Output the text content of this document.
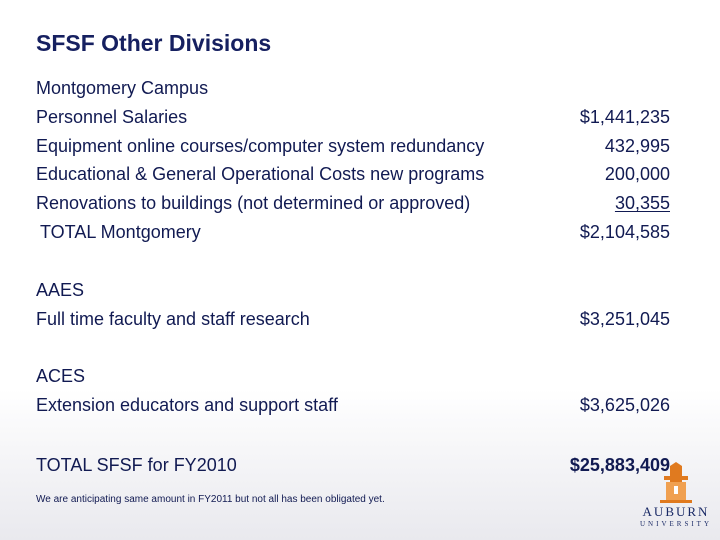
SFSF Other Divisions
Montgomery Campus
Personnel Salaries	$1,441,235
Equipment online courses/computer system redundancy	432,995
Educational & General Operational Costs new programs	200,000
Renovations to buildings (not determined or approved)	30,355
TOTAL Montgomery	$2,104,585
AAES
Full time faculty and staff research	$3,251,045
ACES
Extension educators and support staff	$3,625,026
TOTAL SFSF for FY2010	$25,883,409
We are anticipating same amount in FY2011 but not all has been obligated yet.
AUBURN
UNIVERSITY
